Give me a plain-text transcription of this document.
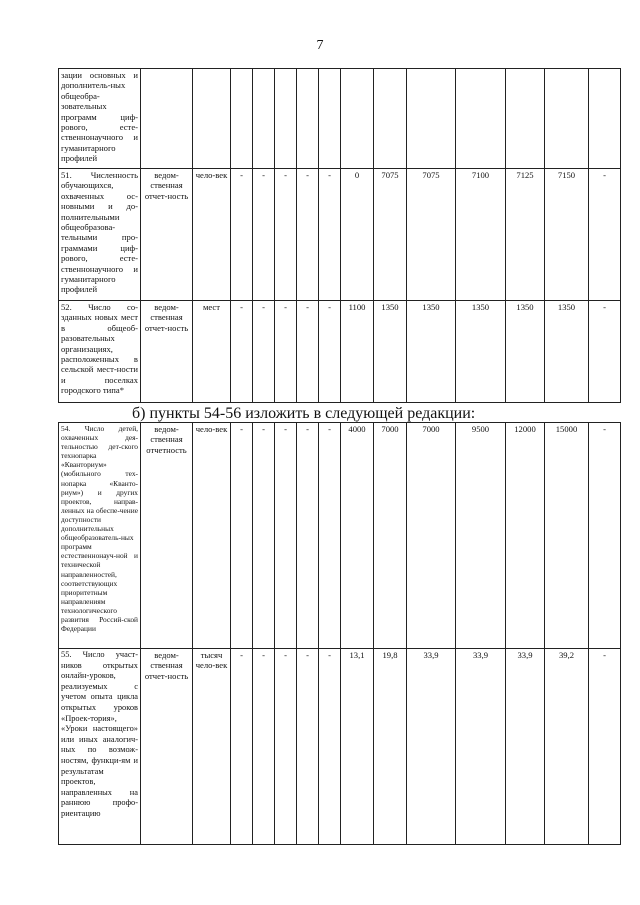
7
зации основных и дополнитель-ных общеобра-зовательных программ циф-рового, есте-ственнонаучного и гуманитарного профилей														
51. Численность обучающихся, охваченных ос-новными и до-полнительными общеобразова-тельными про-граммами циф-рового, есте-ственнонаучного и гуманитарного профилей	ведом-ственная отчет-ность	чело-век	-	-	-	-	-	0	7075	7075	7100	7125	7150	-
52. Число со-зданных новых мест в общеоб-разовательных организациях, расположенных в сельской мест-ности и поселках городского типа*	ведом-ственная отчет-ность	мест	-	-	-	-	-	1100	1350	1350	1350	1350	1350	-
б) пункты 54-56 изложить в следующей редакции:
54. Число детей, охваченных дея-тельностью дет-ского технопарка «Кванториум» (мобильного тех-нопарка «Кванто-риум») и других проектов, направ-ленных на обеспе-чение доступности дополнительных общеобразователь-ных программ естественнонауч-ной и технической направленностей, соответствующих приоритетным направлениям технологического развития Россий-ской Федерации	ведом-ственная отчетность	чело-век	-	-	-	-	-	4000	7000	7000	9500	12000	15000	-
55. Число участ-ников открытых онлайн-уроков, реализуемых с учетом опыта цикла открытых уроков «Проек-тория», «Уроки настоящего» или иных аналогич-ных по возмож-ностям, функци-ям и результатам проектов, направленных на раннюю профо-риентацию	ведом-ственная отчет-ность	тысяч чело-век	-	-	-	-	-	13,1	19,8	33,9	33,9	33,9	39,2	-
